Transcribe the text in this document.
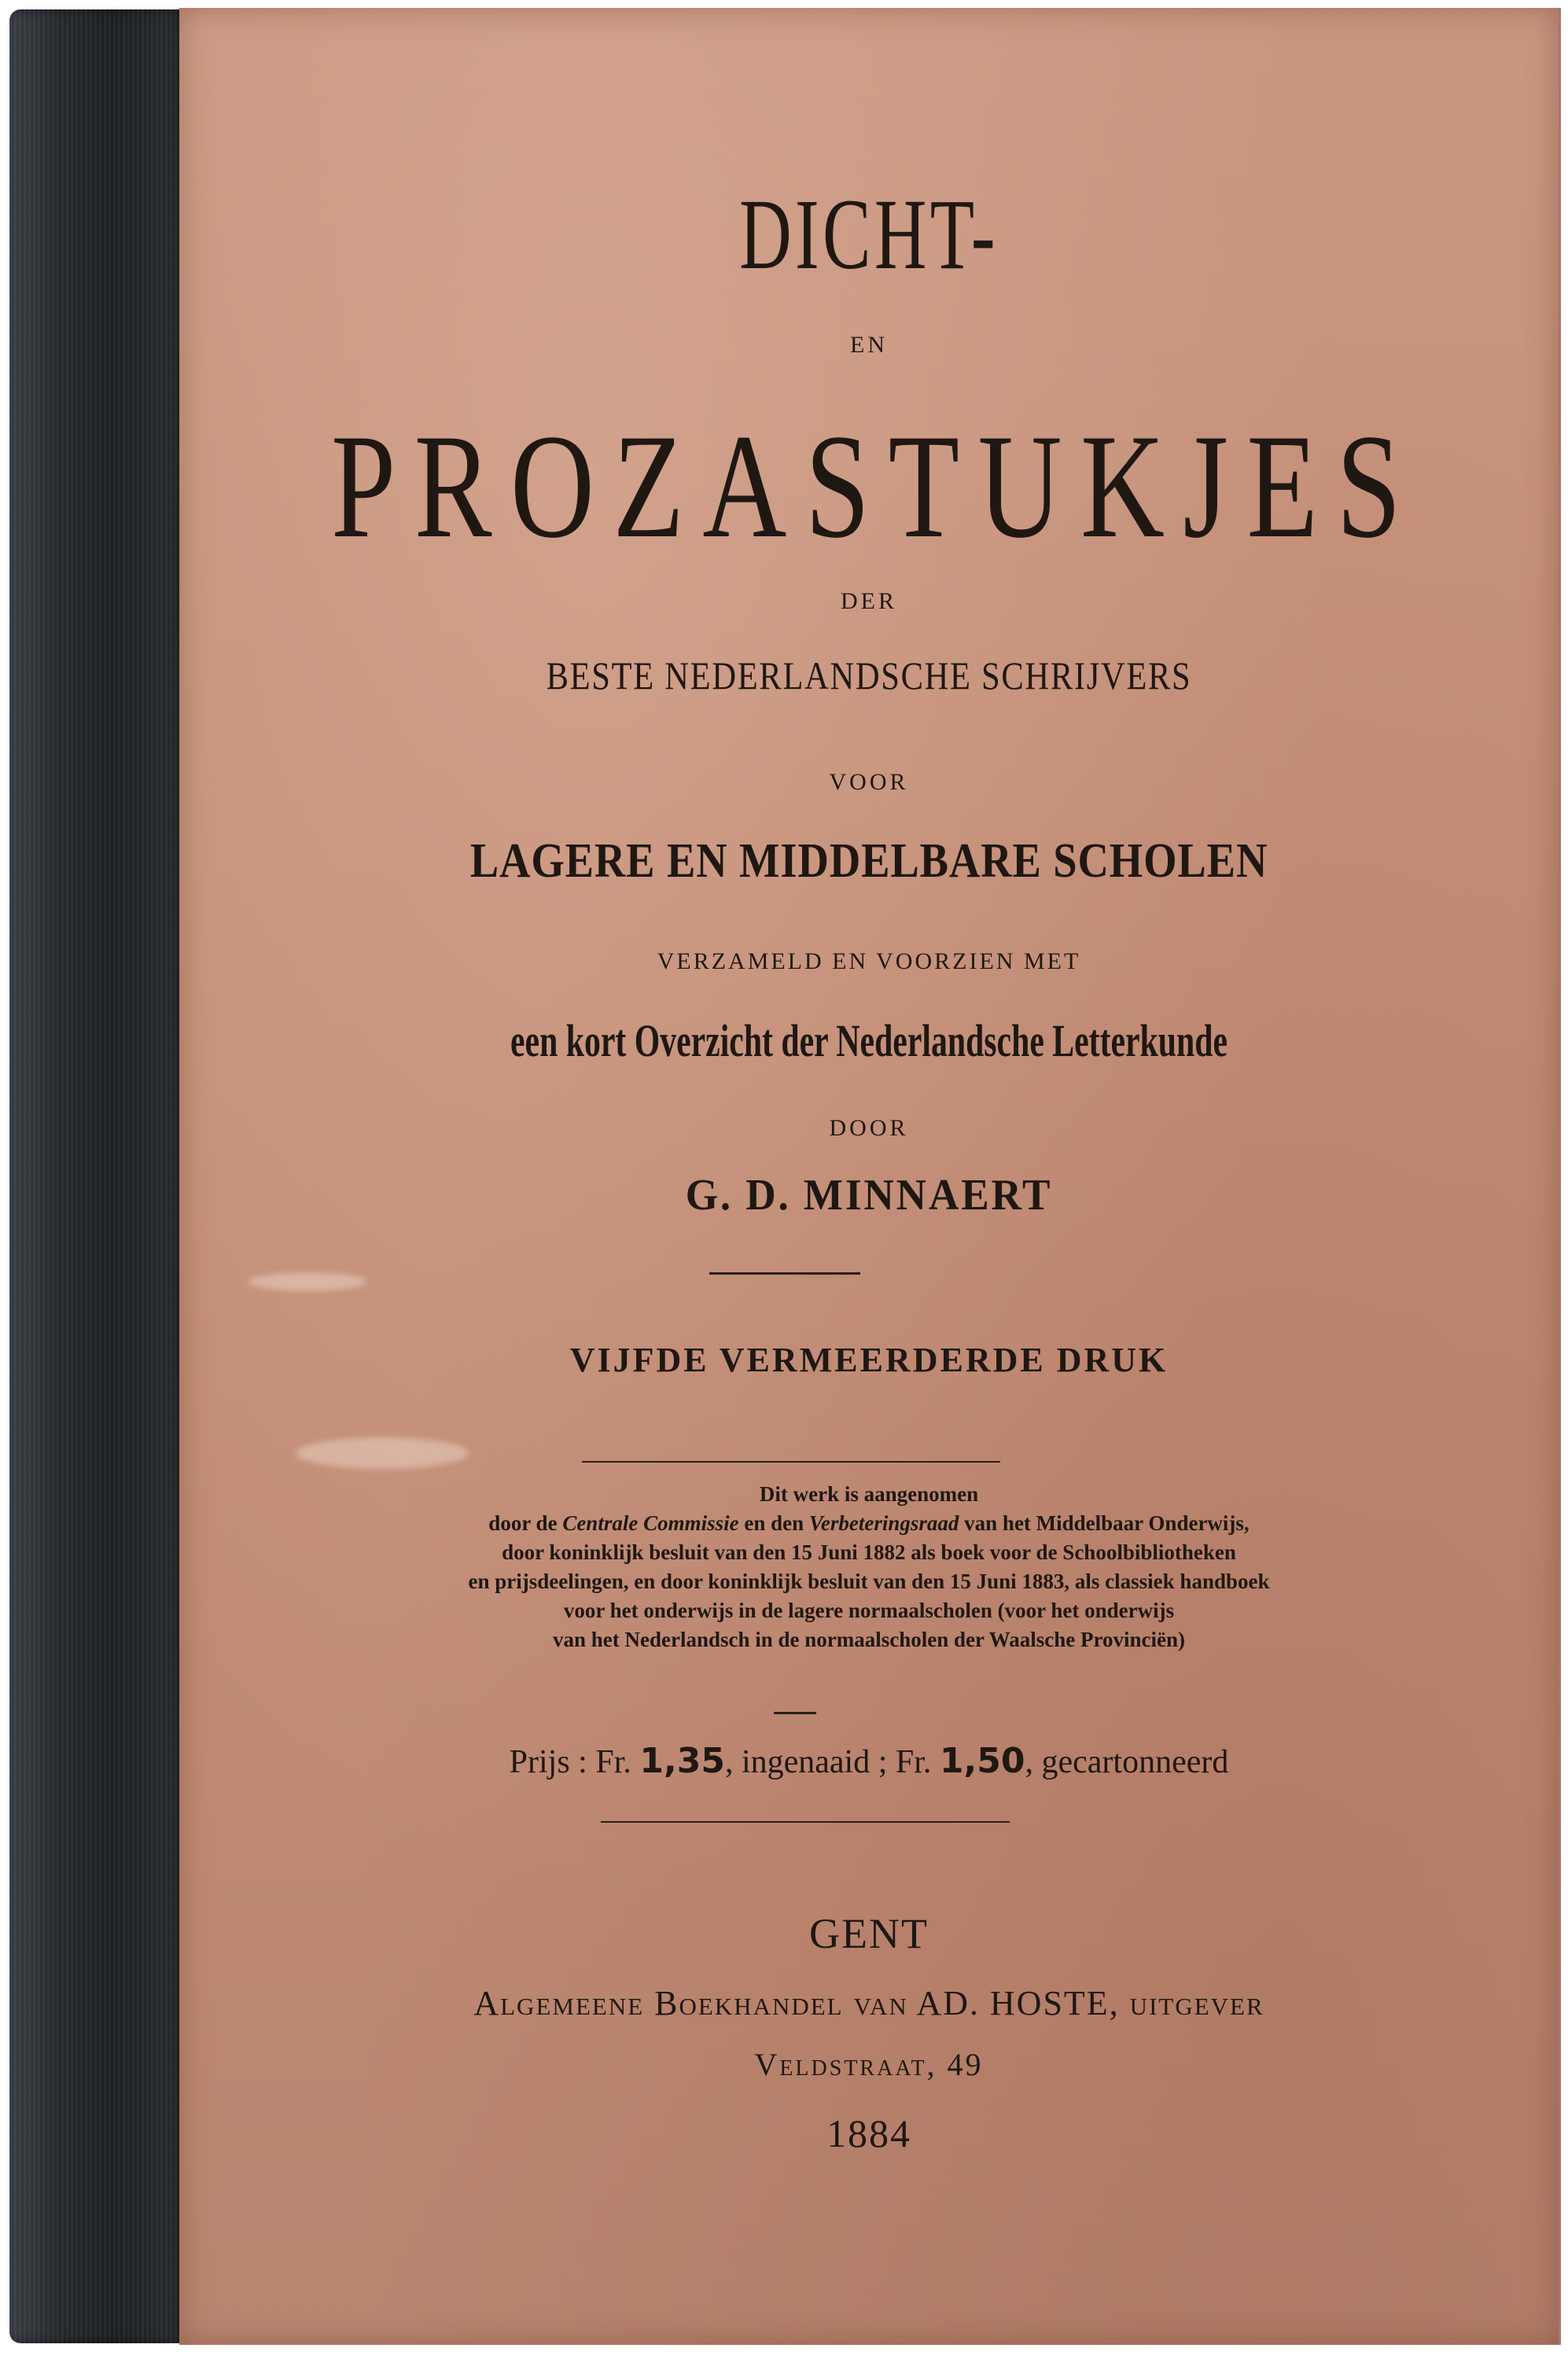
DICHT-

EN

PROZASTUKJES

DER

BESTE NEDERLANDSCHE SCHRIJVERS

VOOR

LAGERE EN MIDDELBARE SCHOLEN

VERZAMELD EN VOORZIEN MET

een kort Overzicht der Nederlandsche Letterkunde

DOOR

G. D. MINNAERT

VIJFDE VERMEERDERDE DRUK

Dit werk is aangenomen
door de Centrale Commissie en den Verbeteringsraad van het Middelbaar Onderwijs,
door koninklijk besluit van den 15 Juni 1882 als boek voor de Schoolbibliotheken
en prijsdeelingen, en door koninklijk besluit van den 15 Juni 1883, als classiek handboek
voor het onderwijs in de lagere normaalscholen (voor het onderwijs
van het Nederlandsch in de normaalscholen der Waalsche Provinciën)

Prijs : Fr. 1,35, ingenaaid ; Fr. 1,50, gecartonneerd

GENT

Algemeene Boekhandel van AD. HOSTE, uitgever

Veldstraat, 49

1884
